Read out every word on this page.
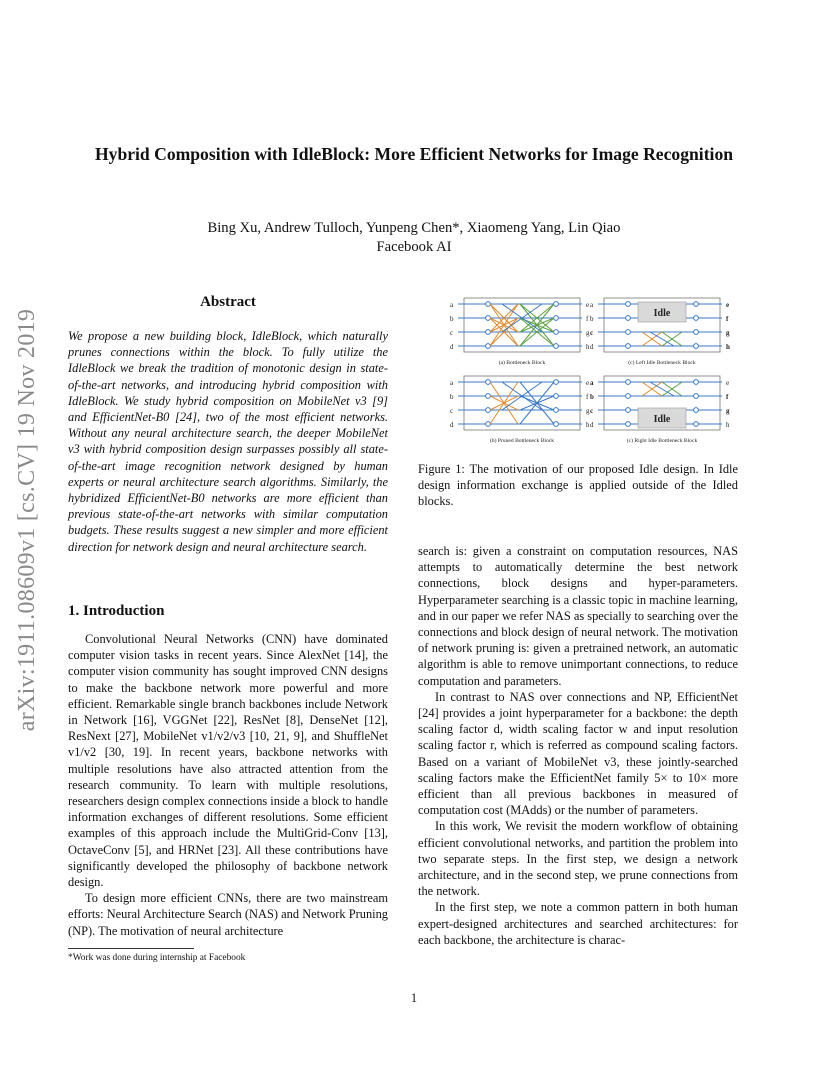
Hybrid Composition with IdleBlock: More Efficient Networks for Image Recognition
Bing Xu, Andrew Tulloch, Yunpeng Chen*, Xiaomeng Yang, Lin Qiao
Facebook AI
arXiv:1911.08609v1 [cs.CV] 19 Nov 2019
Abstract
We propose a new building block, IdleBlock, which naturally prunes connections within the block. To fully utilize the IdleBlock we break the tradition of monotonic design in state-of-the-art networks, and introducing hybrid composition with IdleBlock. We study hybrid composition on MobileNet v3 [9] and EfficientNet-B0 [24], two of the most efficient networks. Without any neural architecture search, the deeper MobileNet v3 with hybrid composition design surpasses possibly all state-of-the-art image recognition network designed by human experts or neural architecture search algorithms. Similarly, the hybridized EfficientNet-B0 networks are more efficient than previous state-of-the-art networks with similar computation budgets. These results suggest a new simpler and more efficient direction for network design and neural architecture search.
1. Introduction

Convolutional Neural Networks (CNN) have dominated computer vision tasks in recent years. Since AlexNet [14], the computer vision community has sought improved CNN designs to make the backbone network more powerful and more efficient. Remarkable single branch backbones include Network in Network [16], VGGNet [22], ResNet [8], DenseNet [12], ResNext [27], MobileNet v1/v2/v3 [10, 21, 9], and ShuffleNet v1/v2 [30, 19]. In recent years, backbone networks with multiple resolutions have also attracted attention from the research community. To learn with multiple resolutions, researchers design complex connections inside a block to handle information exchanges of different resolutions. Some efficient examples of this approach include the MultiGrid-Conv [13], OctaveConv [5], and HRNet [23]. All these contributions have significantly developed the philosophy of backbone network design.

To design more efficient CNNs, there are two mainstream efforts: Neural Architecture Search (NAS) and Network Pruning (NP). The motivation of neural architecture

a	e
b	f
c	g
d	h
(a) Bottleneck Block
a	e
b	f
c	g
d	h
Idle
(c) Left Idle Bottleneck Block
a	e
b	f
c	g
d	h
(b) Pruned Bottleneck Block
a	e
b	f
c	g
d	h
Idle
(c) Right Idle Bottleneck Block
Figure 1: The motivation of our proposed Idle design. In Idle design information exchange is applied outside of the Idled blocks.

search is: given a constraint on computation resources, NAS attempts to automatically determine the best network connections, block designs and hyper-parameters. Hyperparameter searching is a classic topic in machine learning, and in our paper we refer NAS as specially to searching over the connections and block design of neural network. The motivation of network pruning is: given a pretrained network, an automatic algorithm is able to remove unimportant connections, to reduce computation and parameters.

In contrast to NAS over connections and NP, EfficientNet [24] provides a joint hyperparameter for a backbone: the depth scaling factor d, width scaling factor w and input resolution scaling factor r, which is referred as compound scaling factors. Based on a variant of MobileNet v3, these jointly-searched scaling factors make the EfficientNet family 5× to 10× more efficient than all previous backbones in measured of computation cost (MAdds) or the number of parameters.

In this work, We revisit the modern workflow of obtaining efficient convolutional networks, and partition the problem into two separate steps. In the first step, we design a network architecture, and in the second step, we prune connections from the network.

In the first step, we note a common pattern in both human expert-designed architectures and searched architectures: for each backbone, the architecture is charac-

*Work was done during internship at Facebook
1
